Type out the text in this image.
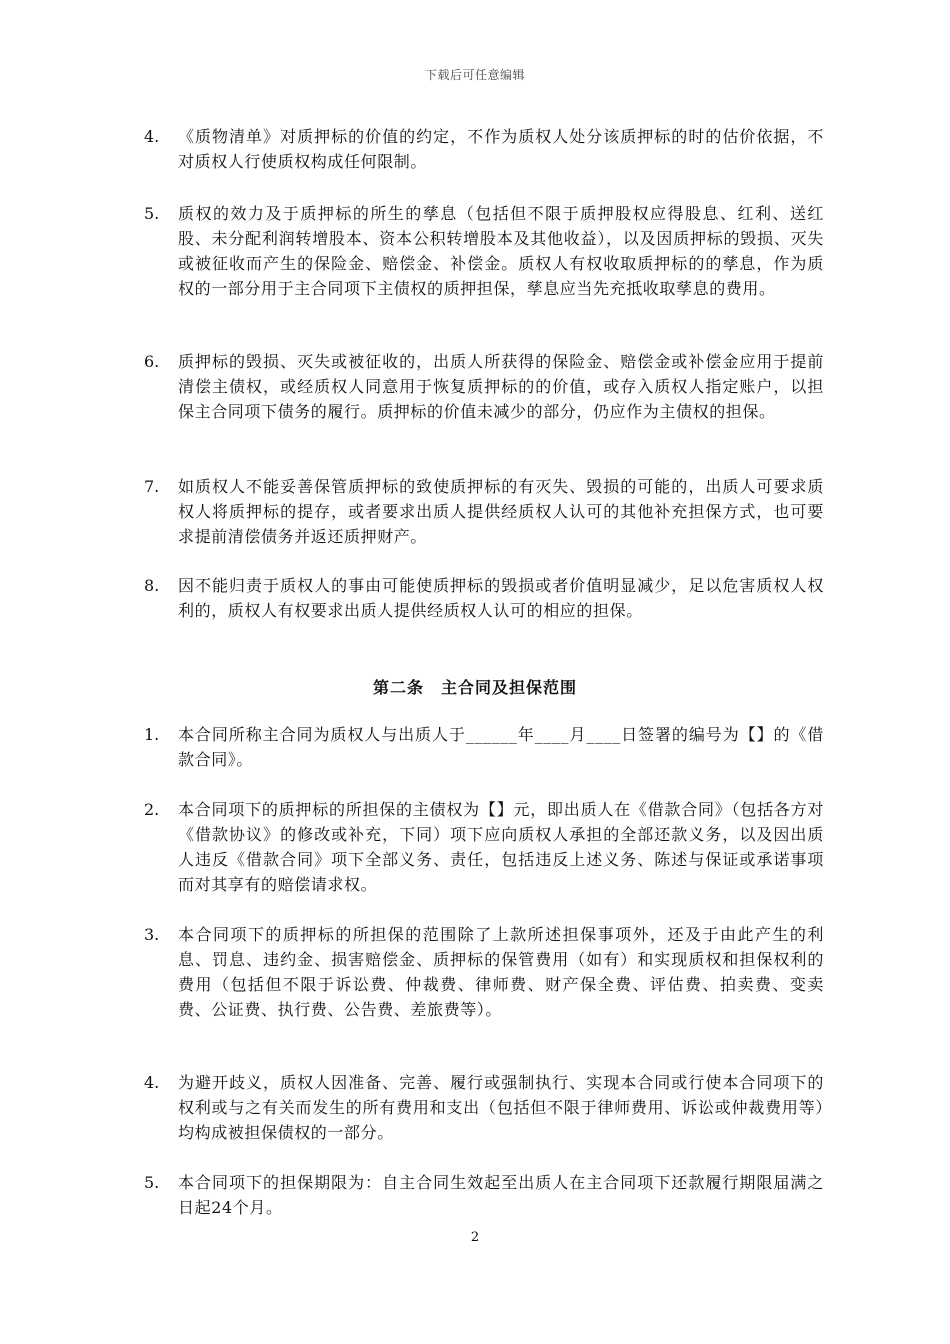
下载后可任意编辑
4.	《质物清单》对质押标的价值的约定，不作为质权人处分该质押标的时的估价依据，不对质权人行使质权构成任何限制。
5.	质权的效力及于质押标的所生的孳息（包括但不限于质押股权应得股息、红利、送红股、未分配利润转增股本、资本公积转增股本及其他收益），以及因质押标的毁损、灭失或被征收而产生的保险金、赔偿金、补偿金。质权人有权收取质押标的的孳息，作为质权的一部分用于主合同项下主债权的质押担保，孳息应当先充抵收取孳息的费用。
6.	质押标的毁损、灭失或被征收的，出质人所获得的保险金、赔偿金或补偿金应用于提前清偿主债权，或经质权人同意用于恢复质押标的的价值，或存入质权人指定账户，以担保主合同项下债务的履行。质押标的价值未减少的部分，仍应作为主债权的担保。
7.	如质权人不能妥善保管质押标的致使质押标的有灭失、毁损的可能的，出质人可要求质权人将质押标的提存，或者要求出质人提供经质权人认可的其他补充担保方式，也可要求提前清偿债务并返还质押财产。
8.	因不能归责于质权人的事由可能使质押标的毁损或者价值明显减少，足以危害质权人权利的，质权人有权要求出质人提供经质权人认可的相应的担保。
第二条　主合同及担保范围
1.	本合同所称主合同为质权人与出质人于______年____月____日签署的编号为【】的《借款合同》。
2.	本合同项下的质押标的所担保的主债权为【】元，即出质人在《借款合同》（包括各方对《借款协议》的修改或补充，下同）项下应向质权人承担的全部还款义务，以及因出质人违反《借款合同》项下全部义务、责任，包括违反上述义务、陈述与保证或承诺事项而对其享有的赔偿请求权。
3.	本合同项下的质押标的所担保的范围除了上款所述担保事项外，还及于由此产生的利息、罚息、违约金、损害赔偿金、质押标的保管费用（如有）和实现质权和担保权利的费用（包括但不限于诉讼费、仲裁费、律师费、财产保全费、评估费、拍卖费、变卖费、公证费、执行费、公告费、差旅费等）。
4.	为避开歧义，质权人因准备、完善、履行或强制执行、实现本合同或行使本合同项下的权利或与之有关而发生的所有费用和支出（包括但不限于律师费用、诉讼或仲裁费用等）均构成被担保债权的一部分。
5.	本合同项下的担保期限为：自主合同生效起至出质人在主合同项下还款履行期限届满之日起24个月。
2
